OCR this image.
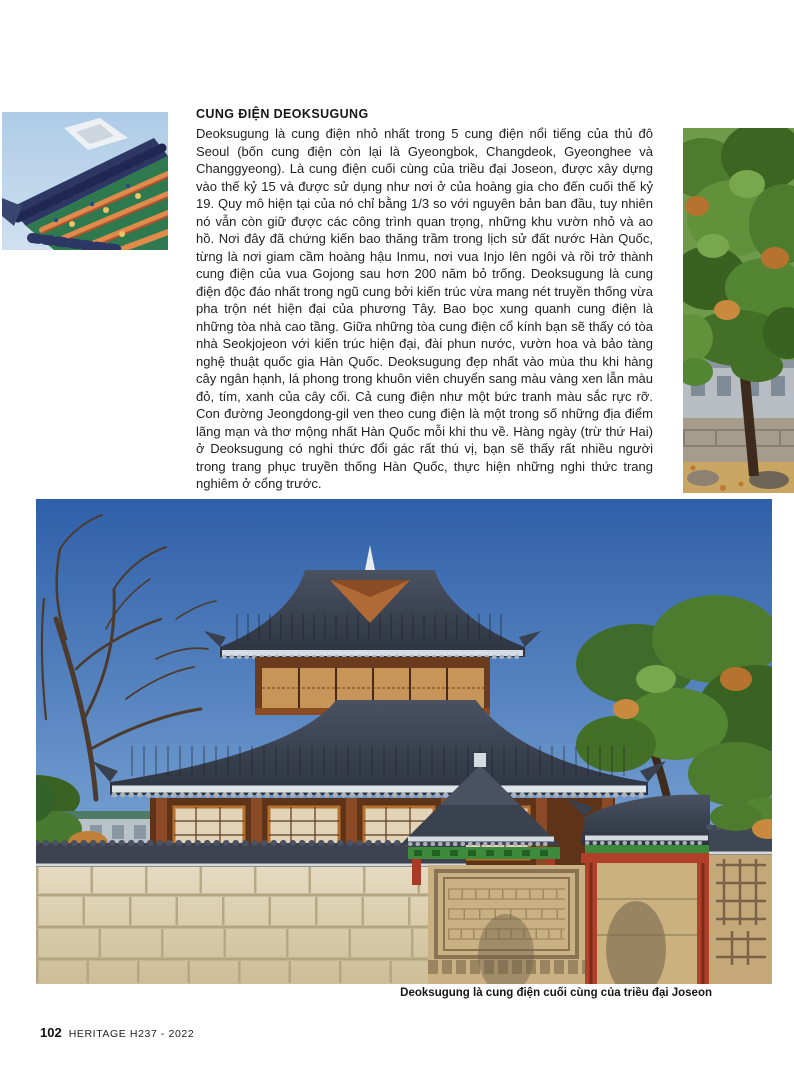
CUNG ĐIỆN DEOKSUGUNG

Deoksugung là cung điện nhỏ nhất trong 5 cung điện nổi tiếng của thủ đô Seoul (bốn cung điện còn lại là Gyeongbok, Changdeok, Gyeonghee và Changgyeong). Là cung điện cuối cùng của triều đại Joseon, được xây dựng vào thế kỷ 15 và được sử dụng như nơi ở của hoàng gia cho đến cuối thế kỷ 19. Quy mô hiện tại của nó chỉ bằng 1/3 so với nguyên bản ban đầu, tuy nhiên nó vẫn còn giữ được các công trình quan trọng, những khu vườn nhỏ và ao hồ. Nơi đây đã chứng kiến bao thăng trầm trong lịch sử đất nước Hàn Quốc, từng là nơi giam cầm hoàng hậu Inmu, nơi vua Injo lên ngôi và rồi trở thành cung điện của vua Gojong sau hơn 200 năm bỏ trống. Deoksugung là cung điện độc đáo nhất trong ngũ cung bởi kiến trúc vừa mang nét truyền thống vừa pha trộn nét hiện đại của phương Tây. Bao bọc xung quanh cung điện là những tòa nhà cao tầng. Giữa những tòa cung điện cổ kính bạn sẽ thấy có tòa nhà Seokjojeon với kiến trúc hiện đại, đài phun nước, vườn hoa và bảo tàng nghệ thuật quốc gia Hàn Quốc. Deoksugung đẹp nhất vào mùa thu khi hàng cây ngân hạnh, lá phong trong khuôn viên chuyển sang màu vàng xen lẫn màu đỏ, tím, xanh của cây cối. Cả cung điện như một bức tranh màu sắc rực rỡ. Con đường Jeongdong-gil ven theo cung điện là một trong số những địa điểm lãng mạn và thơ mộng nhất Hàn Quốc mỗi khi thu về. Hàng ngày (trừ thứ Hai) ở Deoksugung có nghi thức đổi gác rất thú vị, bạn sẽ thấy rất nhiều người trong trang phục truyền thống Hàn Quốc, thực hiện những nghi thức trang nghiêm ở cổng trước.

Deoksugung là cung điện cuối cùng của triều đại Joseon

102 HERITAGE H237 - 2022
